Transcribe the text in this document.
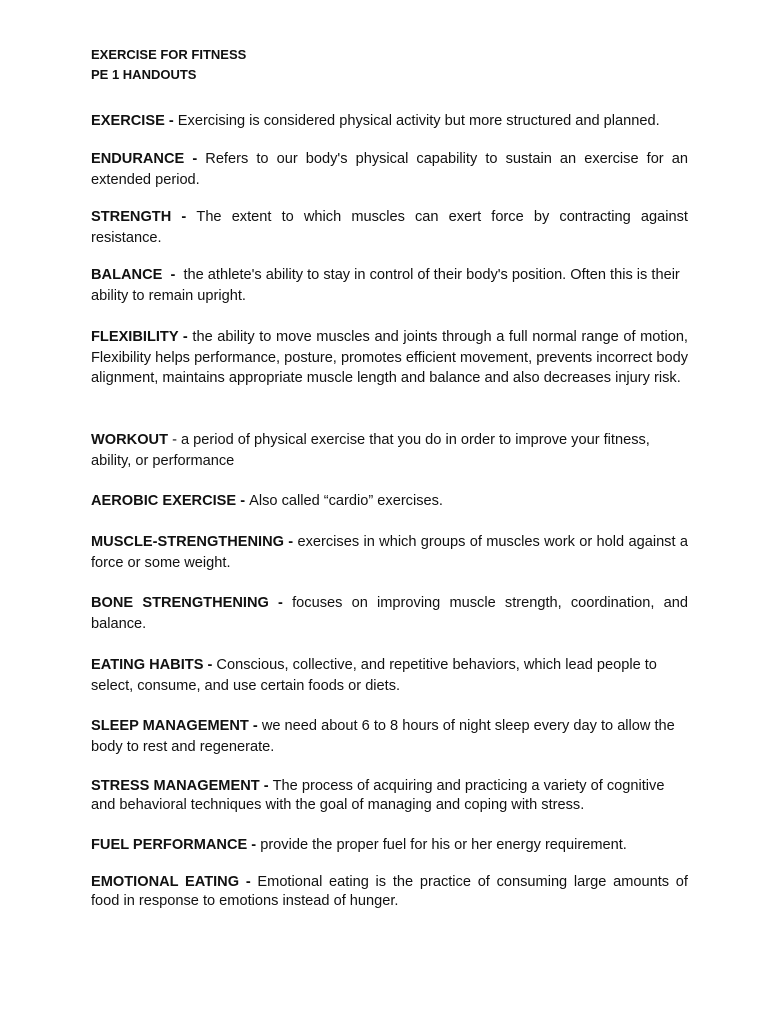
EXERCISE FOR FITNESS
PE 1 HANDOUTS

EXERCISE - Exercising is considered physical activity but more structured and planned.

ENDURANCE - Refers to our body's physical capability to sustain an exercise for an extended period.

STRENGTH - The extent to which muscles can exert force by contracting against resistance.

BALANCE  -  the athlete's ability to stay in control of their body's position. Often this is their ability to remain upright.

FLEXIBILITY - the ability to move muscles and joints through a full normal range of motion, Flexibility helps performance, posture, promotes efficient movement, prevents incorrect body alignment, maintains appropriate muscle length and balance and also decreases injury risk.

WORKOUT - a period of physical exercise that you do in order to improve your fitness, ability, or performance

AEROBIC EXERCISE - Also called “cardio” exercises.

MUSCLE-STRENGTHENING - exercises in which groups of muscles work or hold against a force or some weight.

BONE STRENGTHENING - focuses on improving muscle strength, coordination, and balance.

EATING HABITS - Conscious, collective, and repetitive behaviors, which lead people to select, consume, and use certain foods or diets.

SLEEP MANAGEMENT - we need about 6 to 8 hours of night sleep every day to allow the body to rest and regenerate.

STRESS MANAGEMENT - The process of acquiring and practicing a variety of cognitive and behavioral techniques with the goal of managing and coping with stress.

FUEL PERFORMANCE - provide the proper fuel for his or her energy requirement.

EMOTIONAL EATING - Emotional eating is the practice of consuming large amounts of food in response to emotions instead of hunger.
